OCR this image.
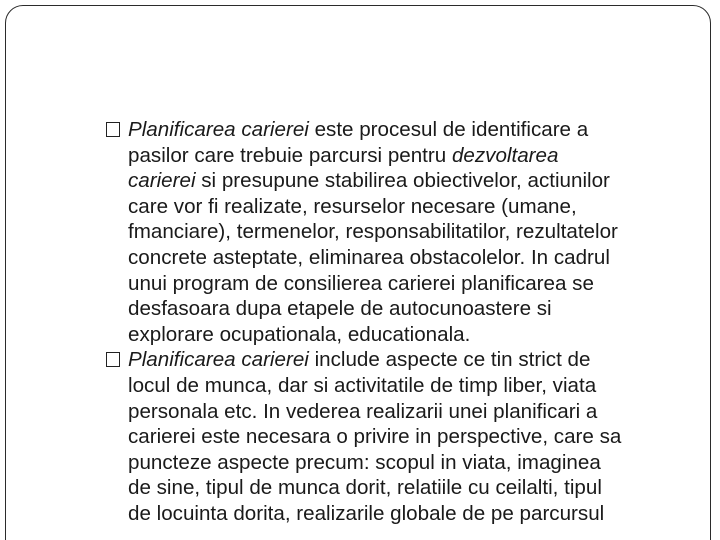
Planificarea carierei este procesul de identificare a
pasilor care trebuie parcursi pentru dezvoltarea
carierei si presupune stabilirea obiectivelor, actiunilor
care vor fi realizate, resurselor necesare (umane,
fmanciare), termenelor, responsabilitatilor, rezultatelor
concrete asteptate, eliminarea obstacolelor. In cadrul
unui program de consilierea carierei planificarea se
desfasoara dupa etapele de autocunoastere si
explorare ocupationala, educationala.
Planificarea carierei include aspecte ce tin strict de
locul de munca, dar si activitatile de timp liber, viata
personala etc. In vederea realizarii unei planificari a
carierei este necesara o privire in perspective, care sa
puncteze aspecte precum: scopul in viata, imaginea
de sine, tipul de munca dorit, relatiile cu ceilalti, tipul
de locuinta dorita, realizarile globale de pe parcursul
